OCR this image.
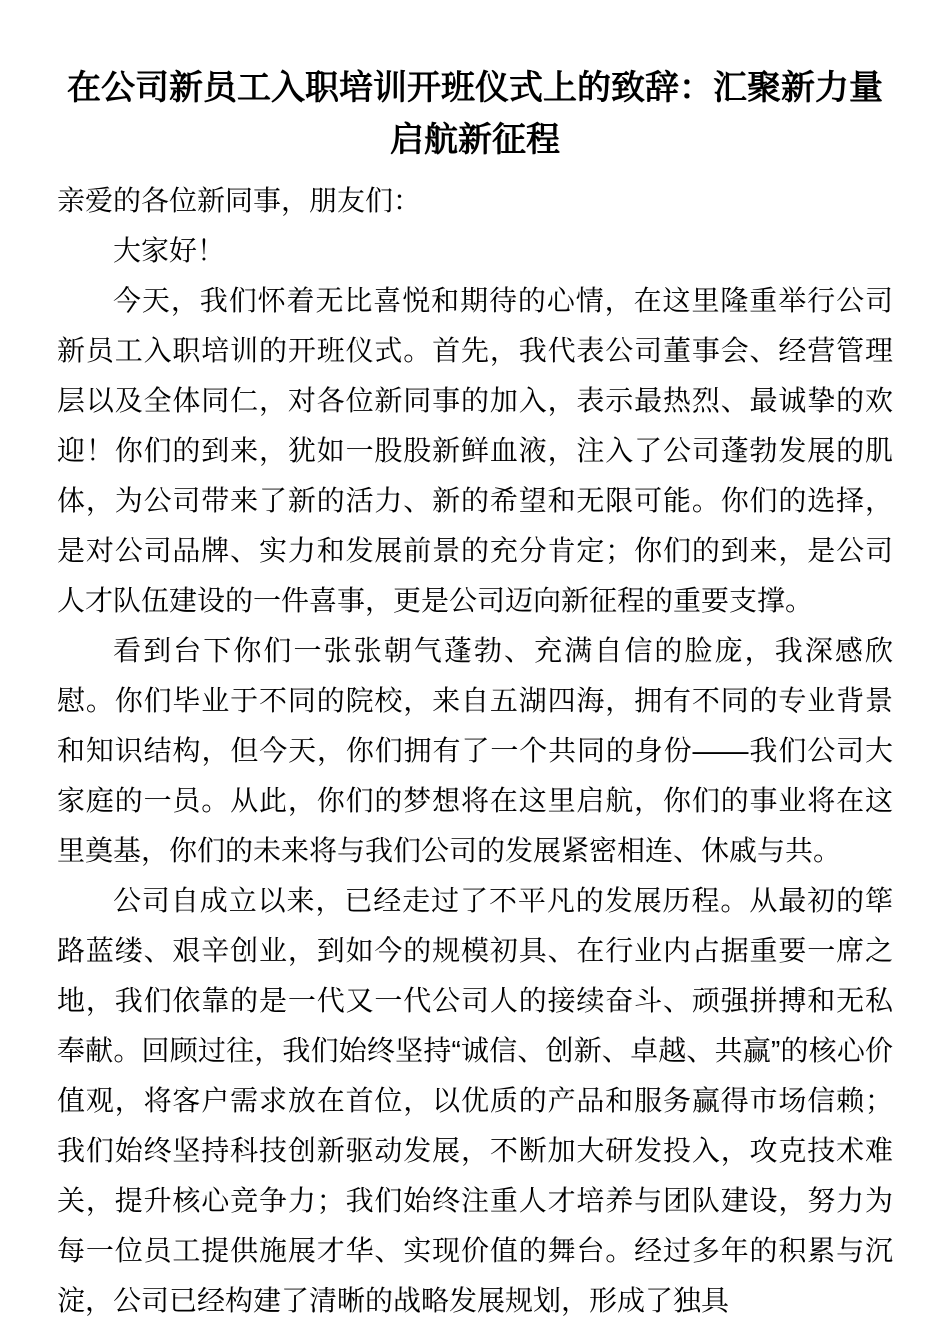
在公司新员工入职培训开班仪式上的致辞：汇聚新力量启航新征程

亲爱的各位新同事，朋友们：

大家好！

今天，我们怀着无比喜悦和期待的心情，在这里隆重举行公司新员工入职培训的开班仪式。首先，我代表公司董事会、经营管理层以及全体同仁，对各位新同事的加入，表示最热烈、最诚挚的欢迎！你们的到来，犹如一股股新鲜血液，注入了公司蓬勃发展的肌体，为公司带来了新的活力、新的希望和无限可能。你们的选择，是对公司品牌、实力和发展前景的充分肯定；你们的到来，是公司人才队伍建设的一件喜事，更是公司迈向新征程的重要支撑。

看到台下你们一张张朝气蓬勃、充满自信的脸庞，我深感欣慰。你们毕业于不同的院校，来自五湖四海，拥有不同的专业背景和知识结构，但今天，你们拥有了一个共同的身份——我们公司大家庭的一员。从此，你们的梦想将在这里启航，你们的事业将在这里奠基，你们的未来将与我们公司的发展紧密相连、休戚与共。

公司自成立以来，已经走过了不平凡的发展历程。从最初的筚路蓝缕、艰辛创业，到如今的规模初具、在行业内占据重要一席之地，我们依靠的是一代又一代公司人的接续奋斗、顽强拼搏和无私奉献。回顾过往，我们始终坚持“诚信、创新、卓越、共赢”的核心价值观，将客户需求放在首位，以优质的产品和服务赢得市场信赖；我们始终坚持科技创新驱动发展，不断加大研发投入，攻克技术难关，提升核心竞争力；我们始终注重人才培养与团队建设，努力为每一位员工提供施展才华、实现价值的舞台。经过多年的积累与沉淀，公司已经构建了清晰的战略发展规划，形成了独具
